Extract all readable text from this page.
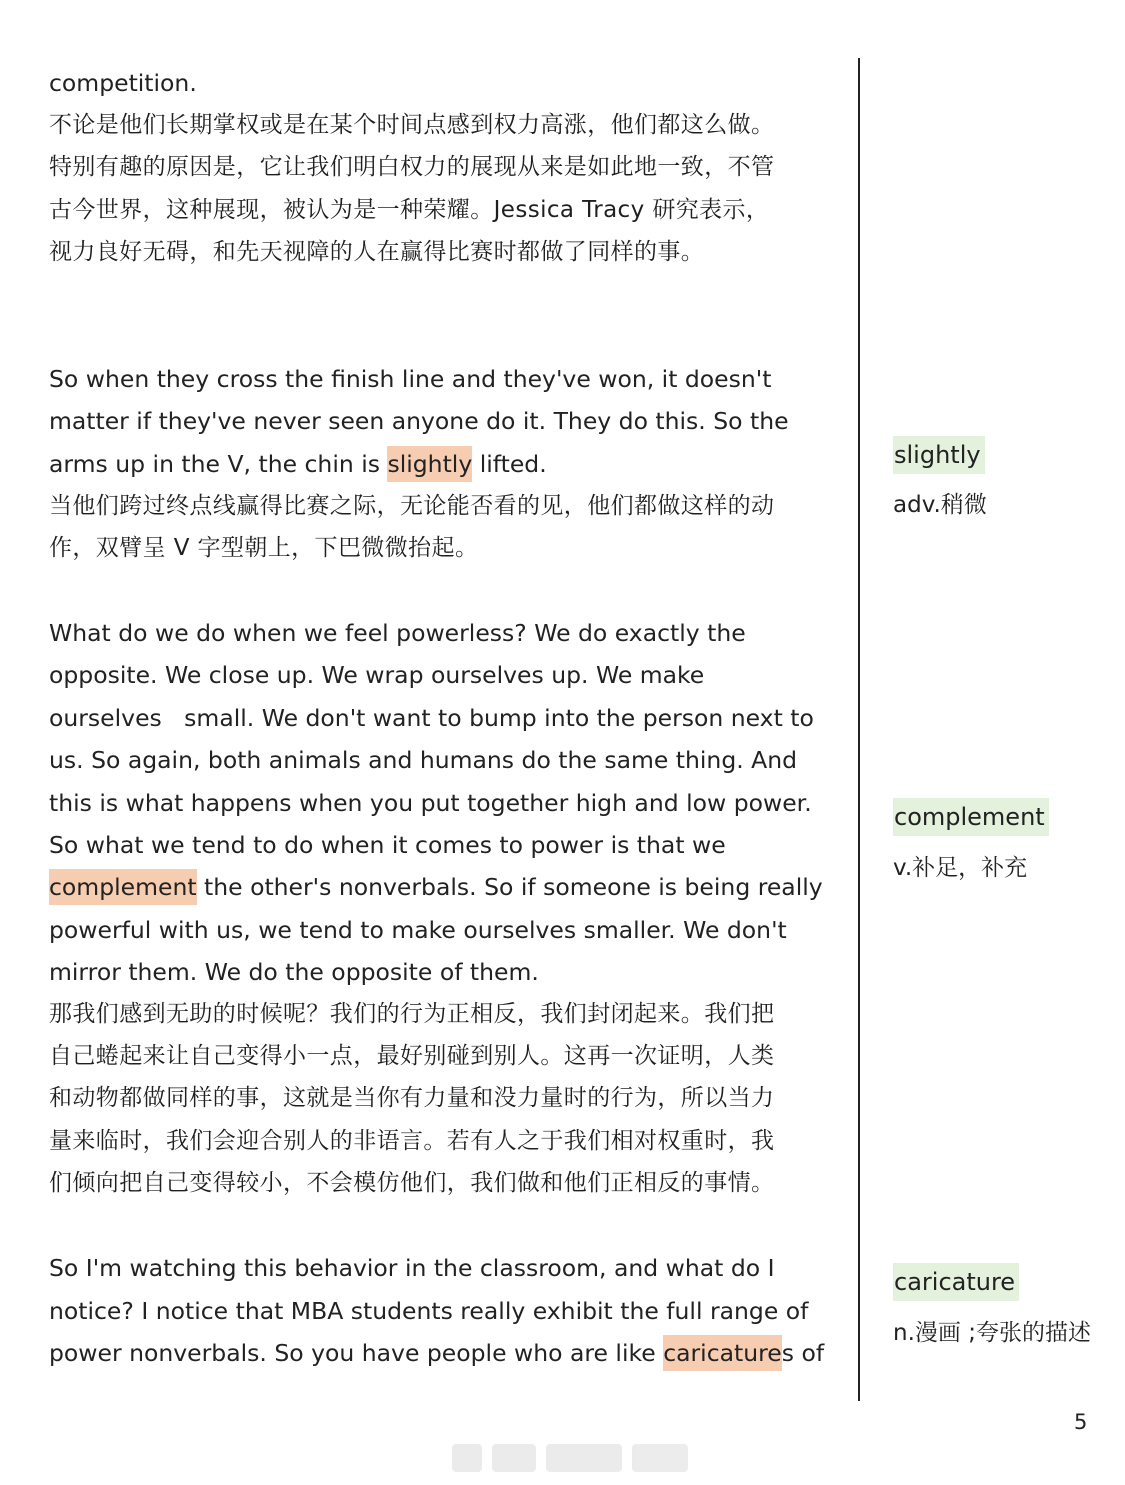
competition.
不论是他们长期掌权或是在某个时间点感到权力高涨，他们都这么做。
特别有趣的原因是，它让我们明白权力的展现从来是如此地一致，不管
古今世界，这种展现，被认为是一种荣耀。Jessica Tracy 研究表示，
视力良好无碍，和先天视障的人在赢得比赛时都做了同样的事。
So when they cross the finish line and they've won, it doesn't
matter if they've never seen anyone do it. They do this. So the
arms up in the V, the chin is slightly lifted.
当他们跨过终点线赢得比赛之际，无论能否看的见，他们都做这样的动
作，双臂呈 V 字型朝上，下巴微微抬起。
What do we do when we feel powerless? We do exactly the
opposite. We close up. We wrap ourselves up. We make
ourselves   small. We don't want to bump into the person next to
us. So again, both animals and humans do the same thing. And
this is what happens when you put together high and low power.
So what we tend to do when it comes to power is that we
complement the other's nonverbals. So if someone is being really
powerful with us, we tend to make ourselves smaller. We don't
mirror them. We do the opposite of them.
那我们感到无助的时候呢？我们的行为正相反，我们封闭起来。我们把
自己蜷起来让自己变得小一点，最好别碰到别人。这再一次证明，人类
和动物都做同样的事，这就是当你有力量和没力量时的行为，所以当力
量来临时，我们会迎合别人的非语言。若有人之于我们相对权重时，我
们倾向把自己变得较小，不会模仿他们，我们做和他们正相反的事情。
So I'm watching this behavior in the classroom, and what do I
notice? I notice that MBA students really exhibit the full range of
power nonverbals. So you have people who are like caricatures of
slightly
adv.稍微
complement
v.补足，补充
caricature
n.漫画 ;夸张的描述
5
